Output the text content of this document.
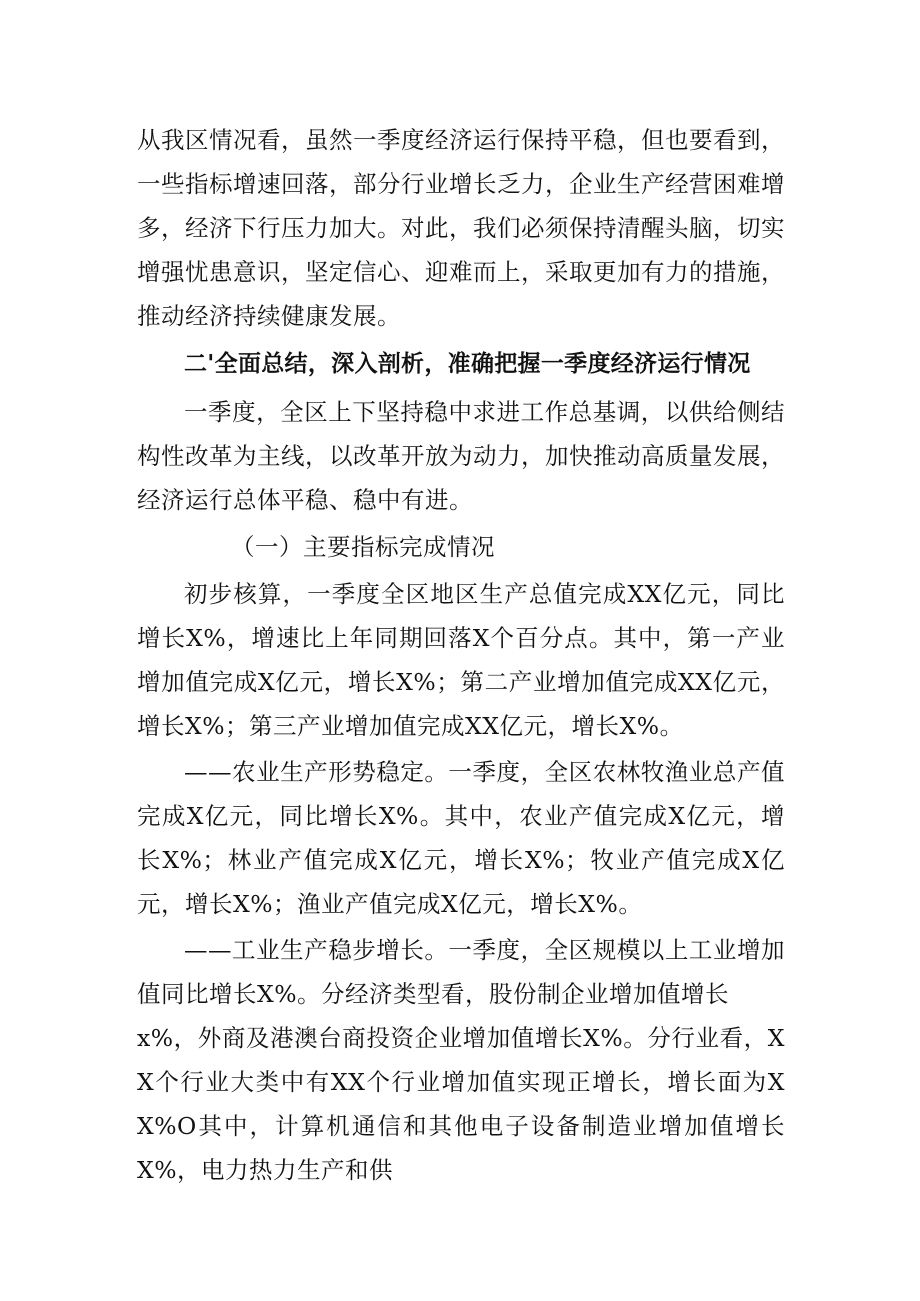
从我区情况看，虽然一季度经济运行保持平稳，但也要看到，一些指标增速回落，部分行业增长乏力，企业生产经营困难增多，经济下行压力加大。对此，我们必须保持清醒头脑，切实增强忧患意识，坚定信心、迎难而上，采取更加有力的措施，推动经济持续健康发展。

二'全面总结，深入剖析，准确把握一季度经济运行情况

一季度，全区上下坚持稳中求进工作总基调，以供给侧结构性改革为主线，以改革开放为动力，加快推动高质量发展，经济运行总体平稳、稳中有进。

（一）主要指标完成情况

初步核算，一季度全区地区生产总值完成XX亿元，同比增长X%，增速比上年同期回落X个百分点。其中，第一产业增加值完成X亿元，增长X%；第二产业增加值完成XX亿元，增长X%；第三产业增加值完成XX亿元，增长X%。

——农业生产形势稳定。一季度，全区农林牧渔业总产值完成X亿元，同比增长X%。其中，农业产值完成X亿元，增长X%；林业产值完成X亿元，增长X%；牧业产值完成X亿元，增长X%；渔业产值完成X亿元，增长X%。

——工业生产稳步增长。一季度，全区规模以上工业增加值同比增长X%。分经济类型看，股份制企业增加值增长

x%，外商及港澳台商投资企业增加值增长X%。分行业看，XX个行业大类中有XX个行业增加值实现正增长，增长面为XX%O其中，计算机通信和其他电子设备制造业增加值增长X%，电力热力生产和供
